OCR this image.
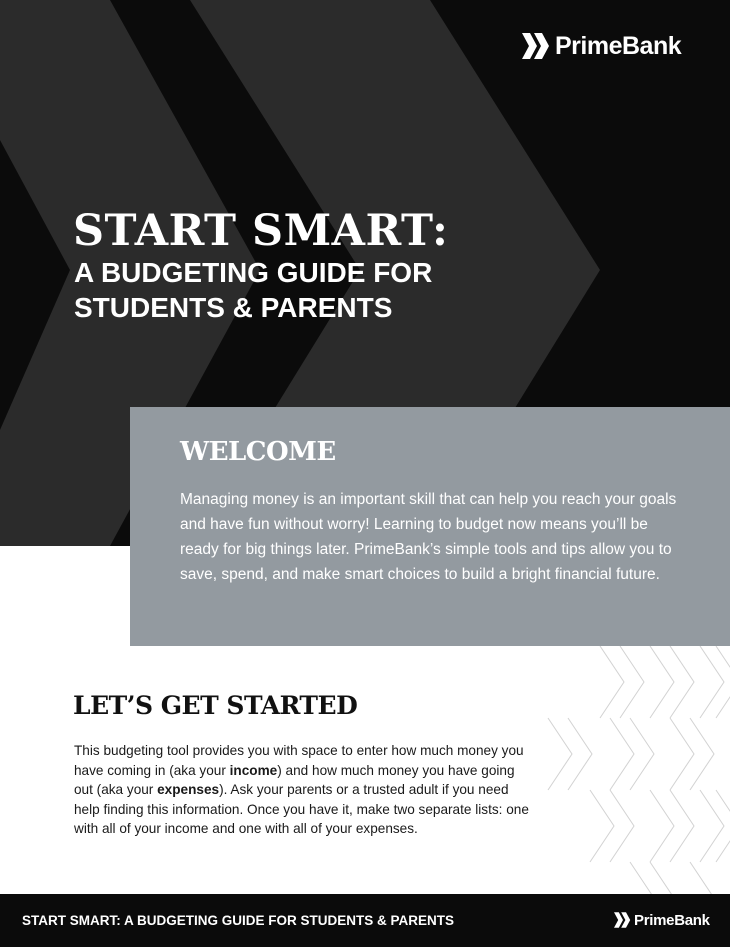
PrimeBank
START SMART:

A BUDGETING GUIDE FOR STUDENTS & PARENTS

WELCOME

Managing money is an important skill that can help you reach your goals and have fun without worry! Learning to budget now means you’ll be ready for big things later. PrimeBank’s simple tools and tips allow you to save, spend, and make smart choices to build a bright financial future.

LET’S GET STARTED

This budgeting tool provides you with space to enter how much money you have coming in (aka your income) and how much money you have going out (aka your expenses). Ask your parents or a trusted adult if you need help finding this information. Once you have it, make two separate lists: one with all of your income and one with all of your expenses.

START SMART: A BUDGETING GUIDE FOR STUDENTS & PARENTS	PrimeBank
